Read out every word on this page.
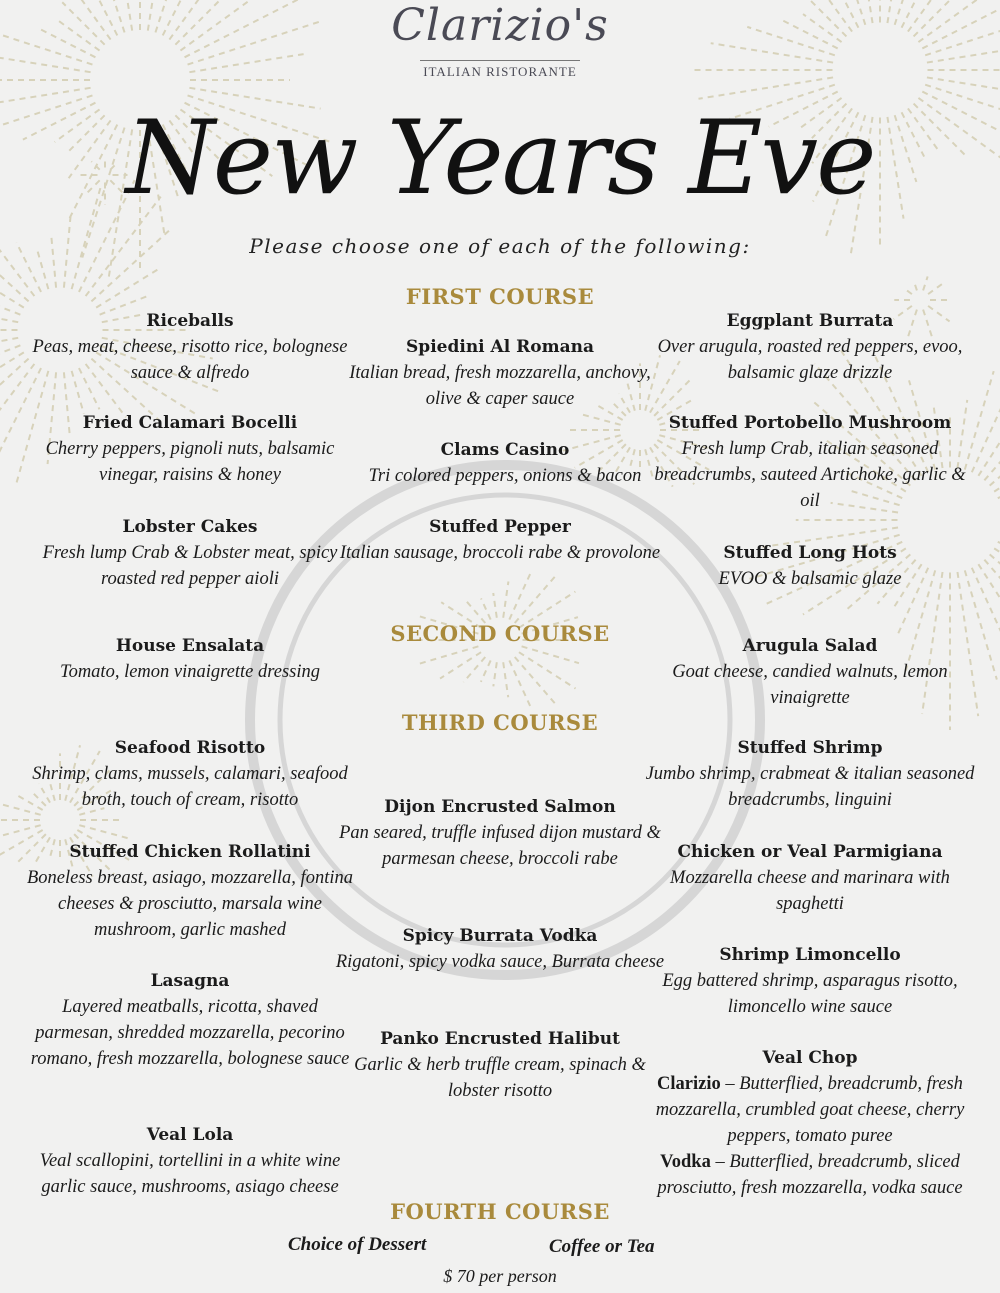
Clarizio's
ITALIAN RISTORANTE
New Years Eve
Please choose one of each of the following:
FIRST COURSE
Riceballs
Peas, meat, cheese, risotto rice, bolognese sauce & alfredo
Spiedini Al Romana
Italian bread, fresh mozzarella, anchovy, olive & caper sauce
Eggplant Burrata
Over arugula, roasted red peppers, evoo, balsamic glaze drizzle
Fried Calamari Bocelli
Cherry peppers, pignoli nuts, balsamic vinegar, raisins & honey
Clams Casino
Tri colored peppers, onions & bacon
Stuffed Portobello Mushroom
Fresh lump Crab, italian seasoned breadcrumbs, sauteed Artichoke, garlic & oil
Lobster Cakes
Fresh lump Crab & Lobster meat, spicy roasted red pepper aioli
Stuffed Pepper
Italian sausage, broccoli rabe & provolone	Stuffed Long Hots
EVOO & balsamic glaze
SECOND COURSE
House Ensalata
Tomato, lemon vinaigrette dressing
Arugula Salad
Goat cheese, candied walnuts, lemon vinaigrette
THIRD COURSE
Seafood Risotto
Shrimp, clams, mussels, calamari, seafood broth, touch of cream, risotto
Stuffed Shrimp
Jumbo shrimp, crabmeat & italian seasoned breadcrumbs, linguini
Dijon Encrusted Salmon
Pan seared, truffle infused dijon mustard & parmesan cheese, broccoli rabe
Stuffed Chicken Rollatini
Boneless breast, asiago, mozzarella, fontina cheeses & prosciutto, marsala wine mushroom, garlic mashed
Chicken or Veal Parmigiana
Mozzarella cheese and marinara with spaghetti
Spicy Burrata Vodka
Rigatoni, spicy vodka sauce, Burrata cheese
Lasagna
Layered meatballs, ricotta, shaved parmesan, shredded mozzarella, pecorino romano, fresh mozzarella, bolognese sauce
Shrimp Limoncello
Egg battered shrimp, asparagus risotto, limoncello wine sauce
Panko Encrusted Halibut
Garlic & herb truffle cream, spinach & lobster risotto
Veal Chop
Clarizio – Butterflied, breadcrumb, fresh mozzarella, crumbled goat cheese, cherry peppers, tomato puree
Vodka – Butterflied, breadcrumb, sliced prosciutto, fresh mozzarella, vodka sauce
Veal Lola
Veal scallopini, tortellini in a white wine garlic sauce, mushrooms, asiago cheese
FOURTH COURSE
Choice of Dessert	Coffee or Tea
$ 70 per person
